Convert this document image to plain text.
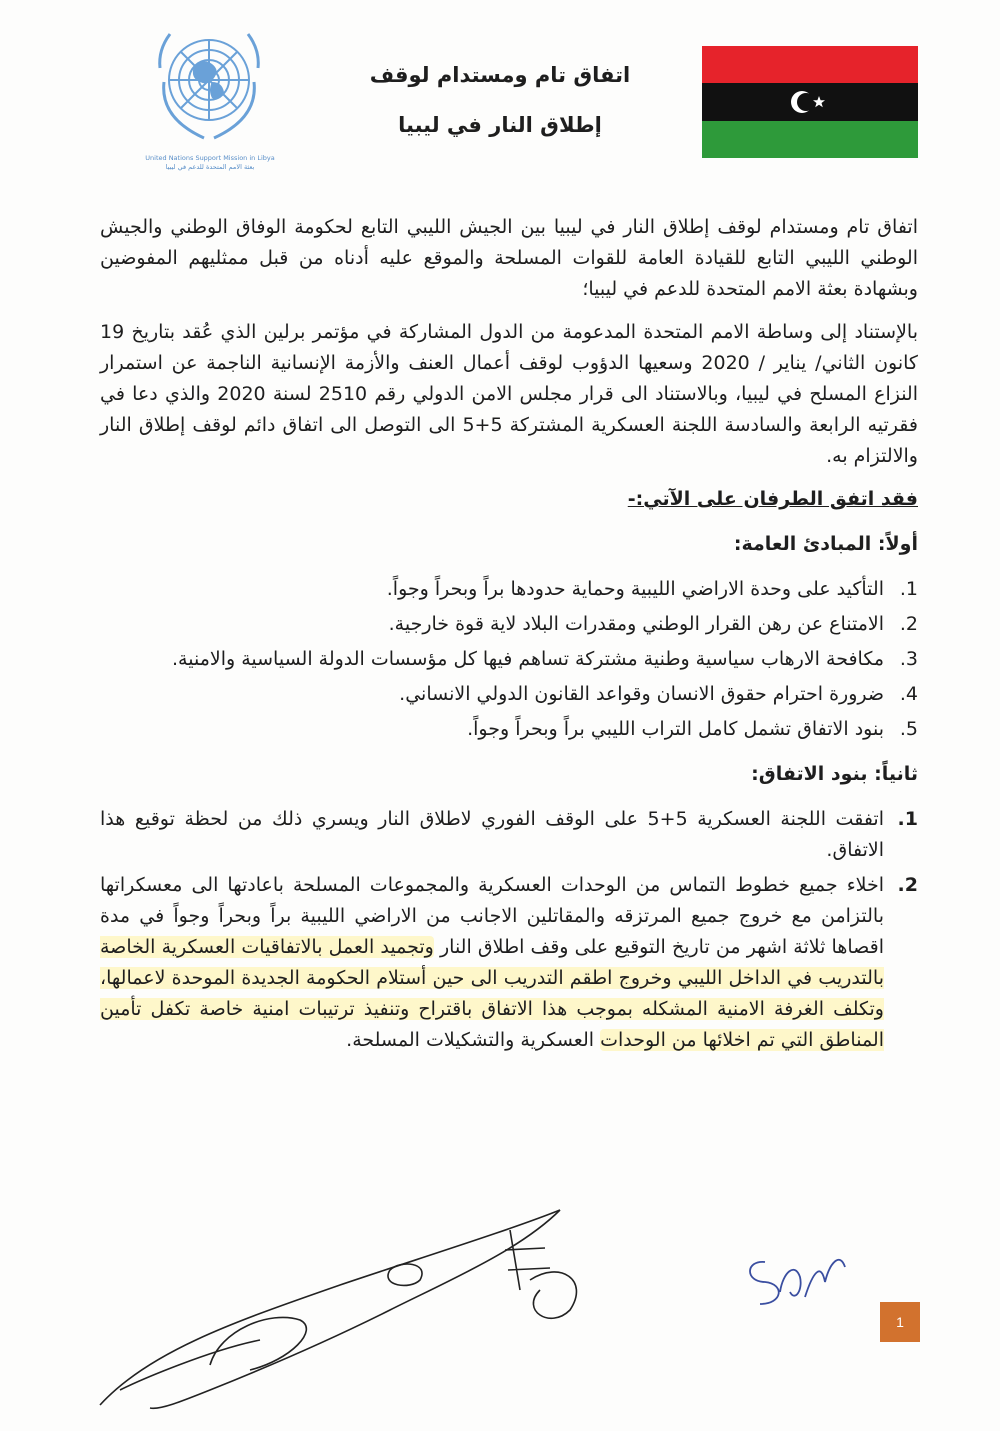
United Nations Support Mission in Libya
بعثة الامم المتحدة للدعم في ليبيا
اتفاق تام ومستدام لوقف
إطلاق النار في ليبيا

اتفاق تام ومستدام لوقف إطلاق النار في ليبيا بين الجيش الليبي التابع لحكومة الوفاق الوطني والجيش الوطني الليبي التابع للقيادة العامة للقوات المسلحة والموقع عليه أدناه من قبل ممثليهم المفوضين وبشهادة بعثة الامم المتحدة للدعم في ليبيا؛

بالإستناد إلى وساطة الامم المتحدة المدعومة من الدول المشاركة في مؤتمر برلين الذي عُقد بتاريخ 19 كانون الثاني/ يناير / 2020 وسعيها الدؤوب لوقف أعمال العنف والأزمة الإنسانية الناجمة عن استمرار النزاع المسلح في ليبيا، وبالاستناد الى قرار مجلس الامن الدولي رقم 2510 لسنة 2020 والذي دعا في فقرتيه الرابعة والسادسة اللجنة العسكرية المشتركة 5+5 الى التوصل الى اتفاق دائم لوقف إطلاق النار والالتزام به.

فقد اتفق الطرفان على الآتي:-
أولاً: المبادئ العامة:
1.
التأكيد على وحدة الاراضي الليبية وحماية حدودها براً وبحراً وجواً.
2.
الامتناع عن رهن القرار الوطني ومقدرات البلاد لاية قوة خارجية.
3.
مكافحة الارهاب سياسية وطنية مشتركة تساهم فيها كل مؤسسات الدولة السياسية والامنية.
4.
ضرورة احترام حقوق الانسان وقواعد القانون الدولي الانساني.
5.
بنود الاتفاق تشمل كامل التراب الليبي براً وبحراً وجواً.
ثانياً: بنود الاتفاق:
1.
اتفقت اللجنة العسكرية 5+5 على الوقف الفوري لاطلاق النار ويسري ذلك من لحظة توقيع هذا الاتفاق.
2.
اخلاء جميع خطوط التماس من الوحدات العسكرية والمجموعات المسلحة باعادتها الى معسكراتها بالتزامن مع خروج جميع المرتزقه والمقاتلين الاجانب من الاراضي الليبية براً وبحراً وجواً في مدة اقصاها ثلاثة اشهر من تاريخ التوقيع على وقف اطلاق النار وتجميد العمل بالاتفاقيات العسكرية الخاصة بالتدريب في الداخل الليبي وخروج اطقم التدريب الى حين أستلام الحكومة الجديدة الموحدة لاعمالها، وتكلف الغرفة الامنية المشكله بموجب هذا الاتفاق باقتراح وتنفيذ ترتيبات امنية خاصة تكفل تأمين المناطق التي تم اخلائها من الوحدات العسكرية والتشكيلات المسلحة.
1
